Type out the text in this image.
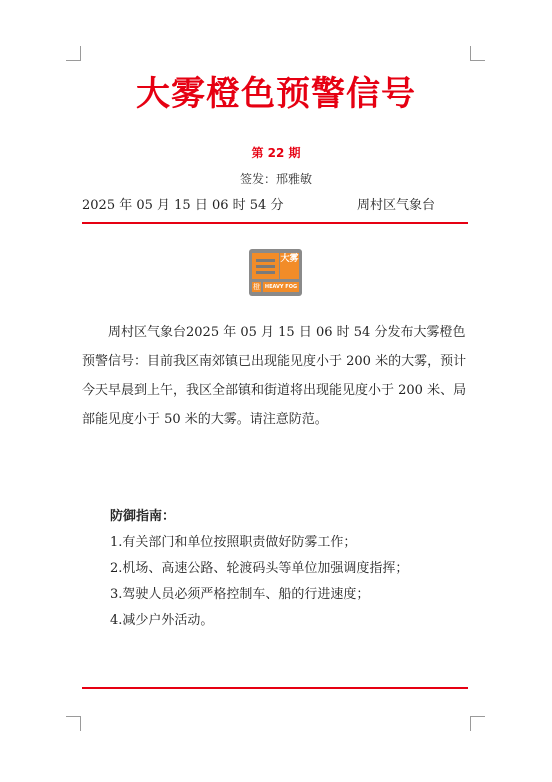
大雾橙色预警信号
第 22 期
签发：邢雅敏
2025 年 05 月 15 日 06 时 54 分	周村区气象台
大雾
橙 HEAVY FOG

周村区气象台2025 年 05 月 15 日 06 时 54 分发布大雾橙色预警信号：目前我区南郊镇已出现能见度小于 200 米的大雾，预计今天早晨到上午，我区全部镇和街道将出现能见度小于 200 米、局部能见度小于 50 米的大雾。请注意防范。

防御指南：
1.有关部门和单位按照职责做好防雾工作；
2.机场、高速公路、轮渡码头等单位加强调度指挥；
3.驾驶人员必须严格控制车、船的行进速度；
4.减少户外活动。
